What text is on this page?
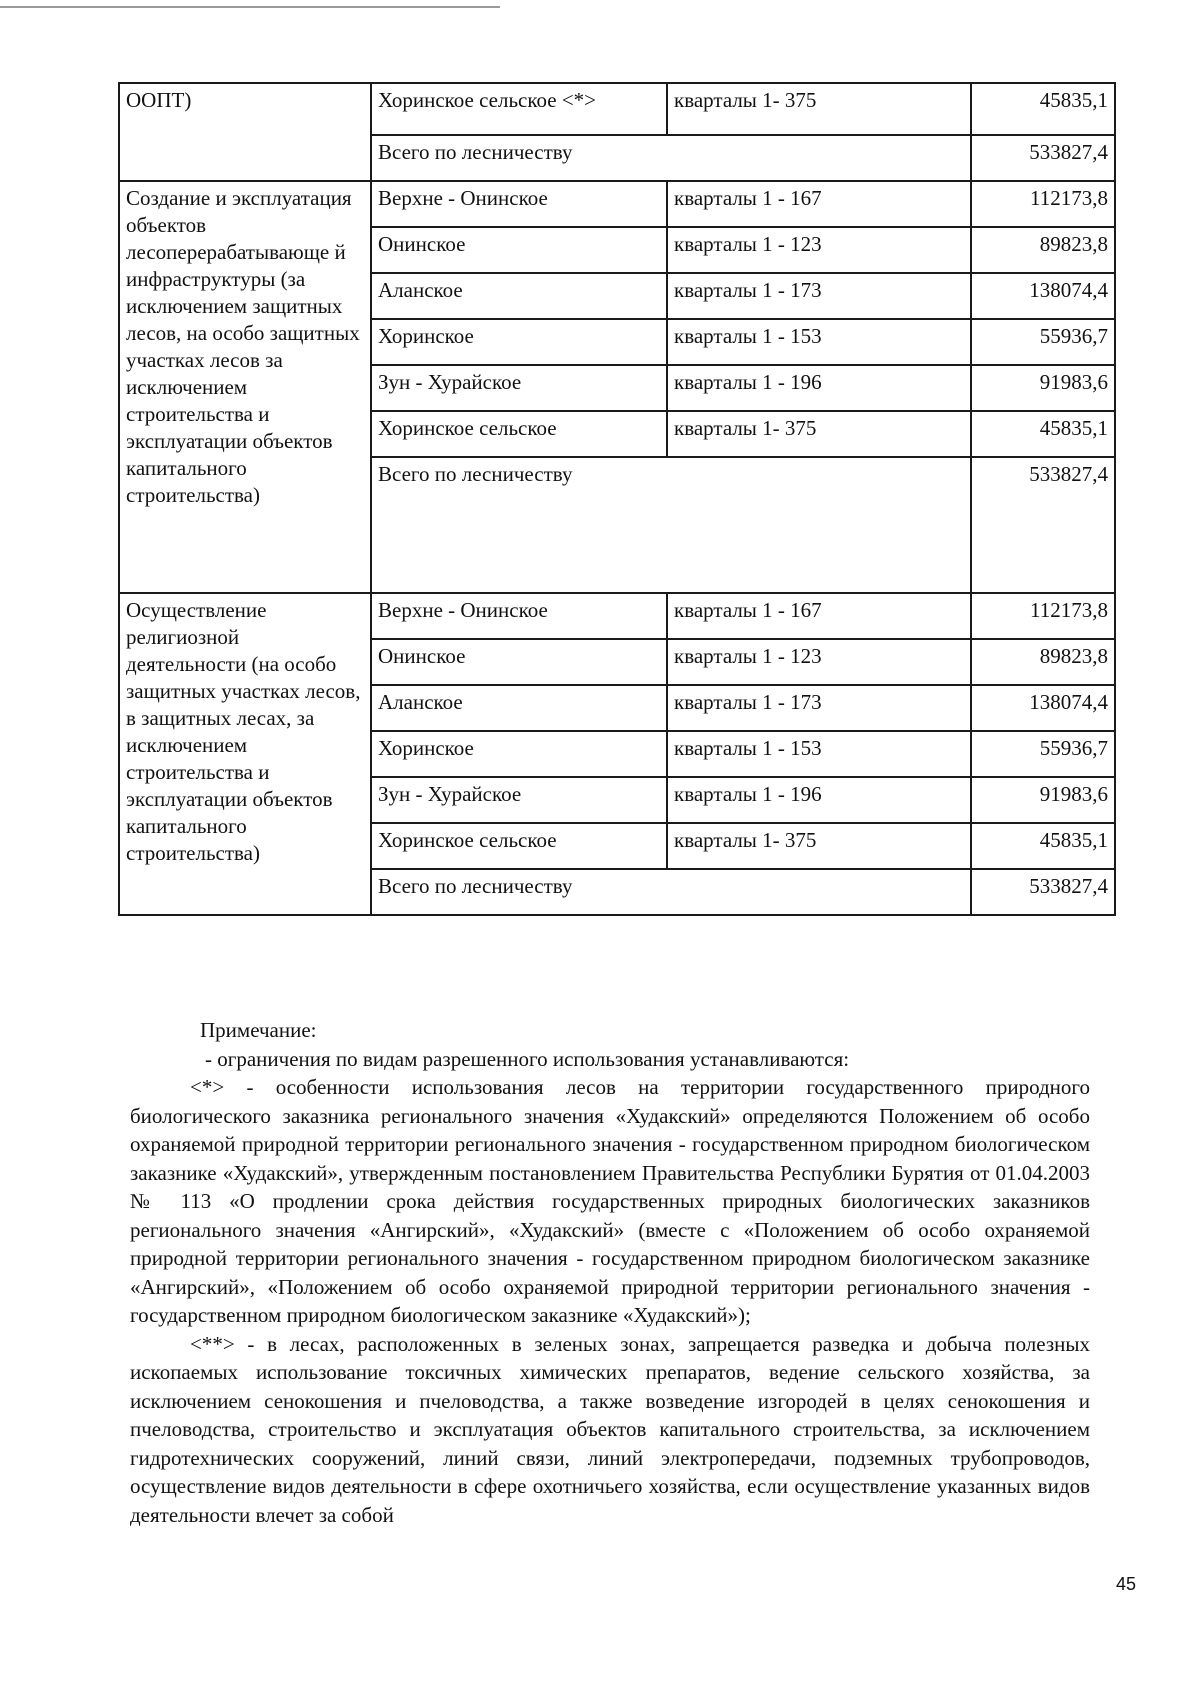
ООПТ)	Хоринское сельское <*>	кварталы 1- 375	45835,1
	Всего по лесничеству		533827,4
Создание и эксплуатация объектов лесоперерабатывающе й инфраструктуры (за исключением защитных лесов, на особо защитных участках лесов за исключением строительства и эксплуатации объектов капитального строительства)	Верхне - Онинское	кварталы 1 - 167	112173,8
	Онинское	кварталы 1 - 123	89823,8
	Аланское	кварталы 1 - 173	138074,4
	Хоринское	кварталы 1 - 153	55936,7
	Зун - Хурайское	кварталы 1 - 196	91983,6
	Хоринское сельское	кварталы 1- 375	45835,1
	Всего по лесничеству		533827,4
Осуществление религиозной деятельности (на особо защитных участках лесов, в защитных лесах, за исключением строительства и эксплуатации объектов капитального строительства)	Верхне - Онинское	кварталы 1 - 167	112173,8
	Онинское	кварталы 1 - 123	89823,8
	Аланское	кварталы 1 - 173	138074,4
	Хоринское	кварталы 1 - 153	55936,7
	Зун - Хурайское	кварталы 1 - 196	91983,6
	Хоринское сельское	кварталы 1- 375	45835,1
	Всего по лесничеству		533827,4

Примечание:

- ограничения по видам разрешенного использования устанавливаются:

<*> - особенности использования лесов на территории государственного природного биологического заказника регионального значения «Худакский» определяются Положением об особо охраняемой природной территории регионального значения - государственном природном биологическом заказнике «Худакский», утвержденным постановлением Правительства Республики Бурятия от 01.04.2003 № 113 «О продлении срока действия государственных природных биологических заказников регионального значения «Ангирский», «Худакский» (вместе с «Положением об особо охраняемой природной территории регионального значения - государственном природном биологическом заказнике «Ангирский», «Положением об особо охраняемой природной территории регионального значения - государственном природном биологическом заказнике «Худакский»);

<**> - в лесах, расположенных в зеленых зонах, запрещается разведка и добыча полезных ископаемых использование токсичных химических препаратов, ведение сельского хозяйства, за исключением сенокошения и пчеловодства, а также возведение изгородей в целях сенокошения и пчеловодства, строительство и эксплуатация объектов капитального строительства, за исключением гидротехнических сооружений, линий связи, линий электропередачи, подземных трубопроводов, осуществление видов деятельности в сфере охотничьего хозяйства, если осуществление указанных видов деятельности влечет за собой

45
